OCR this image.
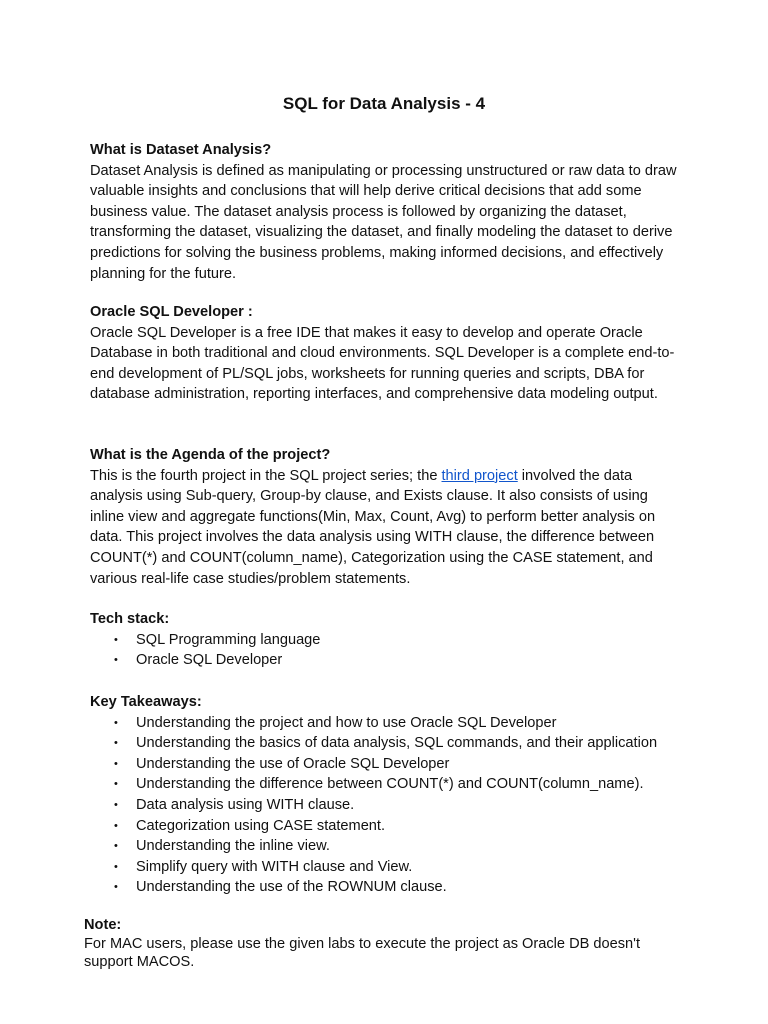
SQL for Data Analysis - 4

What is Dataset Analysis?

Dataset Analysis is defined as manipulating or processing unstructured or raw data to draw valuable insights and conclusions that will help derive critical decisions that add some business value. The dataset analysis process is followed by organizing the dataset, transforming the dataset, visualizing the dataset, and finally modeling the dataset to derive predictions for solving the business problems, making informed decisions, and effectively planning for the future.

Oracle SQL Developer :

Oracle SQL Developer is a free IDE that makes it easy to develop and operate Oracle Database in both traditional and cloud environments. SQL Developer is a complete end-to-end development of PL/SQL jobs, worksheets for running queries and scripts, DBA for database administration, reporting interfaces, and comprehensive data modeling output.

What is the Agenda of the project?

This is the fourth project in the SQL project series; the third project involved the data analysis using Sub-query, Group-by clause, and Exists clause. It also consists of using inline view and aggregate functions(Min, Max, Count, Avg) to perform better analysis on data. This project involves the data analysis using WITH clause, the difference between COUNT(*) and COUNT(column_name), Categorization using the CASE statement, and various real-life case studies/problem statements.

Tech stack:

• SQL Programming language
• Oracle SQL Developer

Key Takeaways:

• Understanding the project and how to use Oracle SQL Developer
• Understanding the basics of data analysis, SQL commands, and their application
• Understanding the use of Oracle SQL Developer
• Understanding the difference between COUNT(*) and COUNT(column_name).
• Data analysis using WITH clause.
• Categorization using CASE statement.
• Understanding the inline view.
• Simplify query with WITH clause and View.
• Understanding the use of the ROWNUM clause.

Note:

For MAC users, please use the given labs to execute the project as Oracle DB doesn't support MACOS.
